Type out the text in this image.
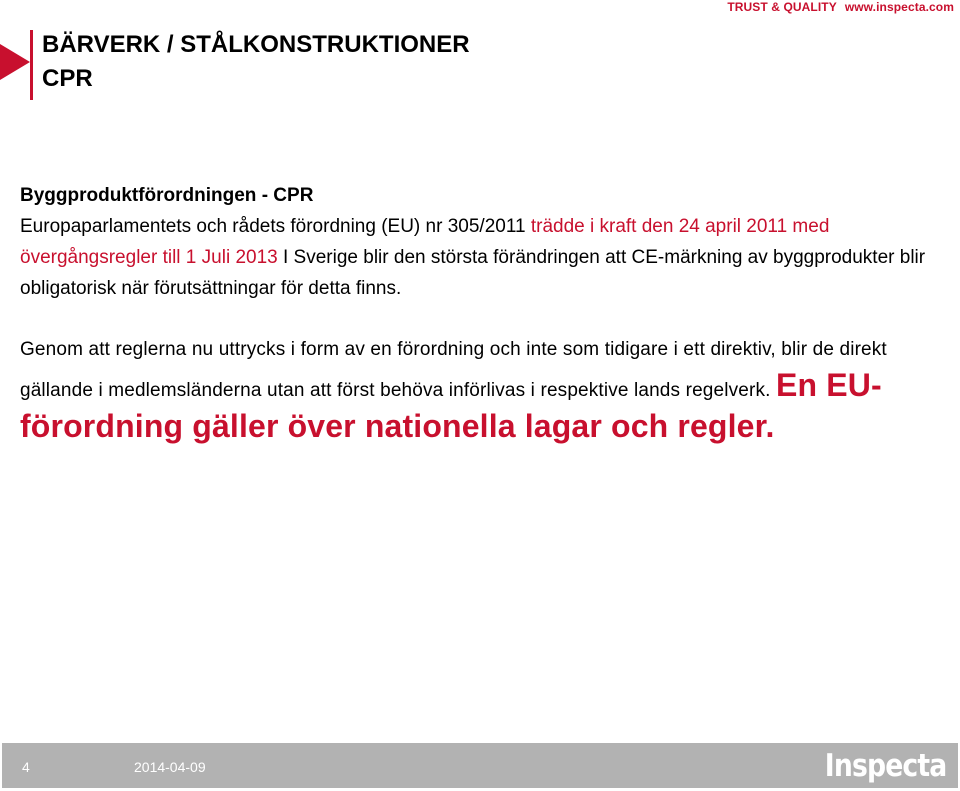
TRUST & QUALITY www.inspecta.com
BÄRVERK / STÅLKONSTRUKTIONER
CPR

Byggproduktförordningen - CPR

Europaparlamentets och rådets förordning (EU) nr 305/2011 trädde i kraft den 24 april 2011 med övergångsregler till 1 Juli 2013 I Sverige blir den största förändringen att CE-märkning av byggprodukter blir obligatorisk när förutsättningar för detta finns.

Genom att reglerna nu uttrycks i form av en förordning och inte som tidigare i ett direktiv, blir de direkt gällande i medlemsländerna utan att först behöva införlivas i respektive lands regelverk. En EU-förordning gäller över nationella lagar och regler.

4	2014-04-09	Inspecta
